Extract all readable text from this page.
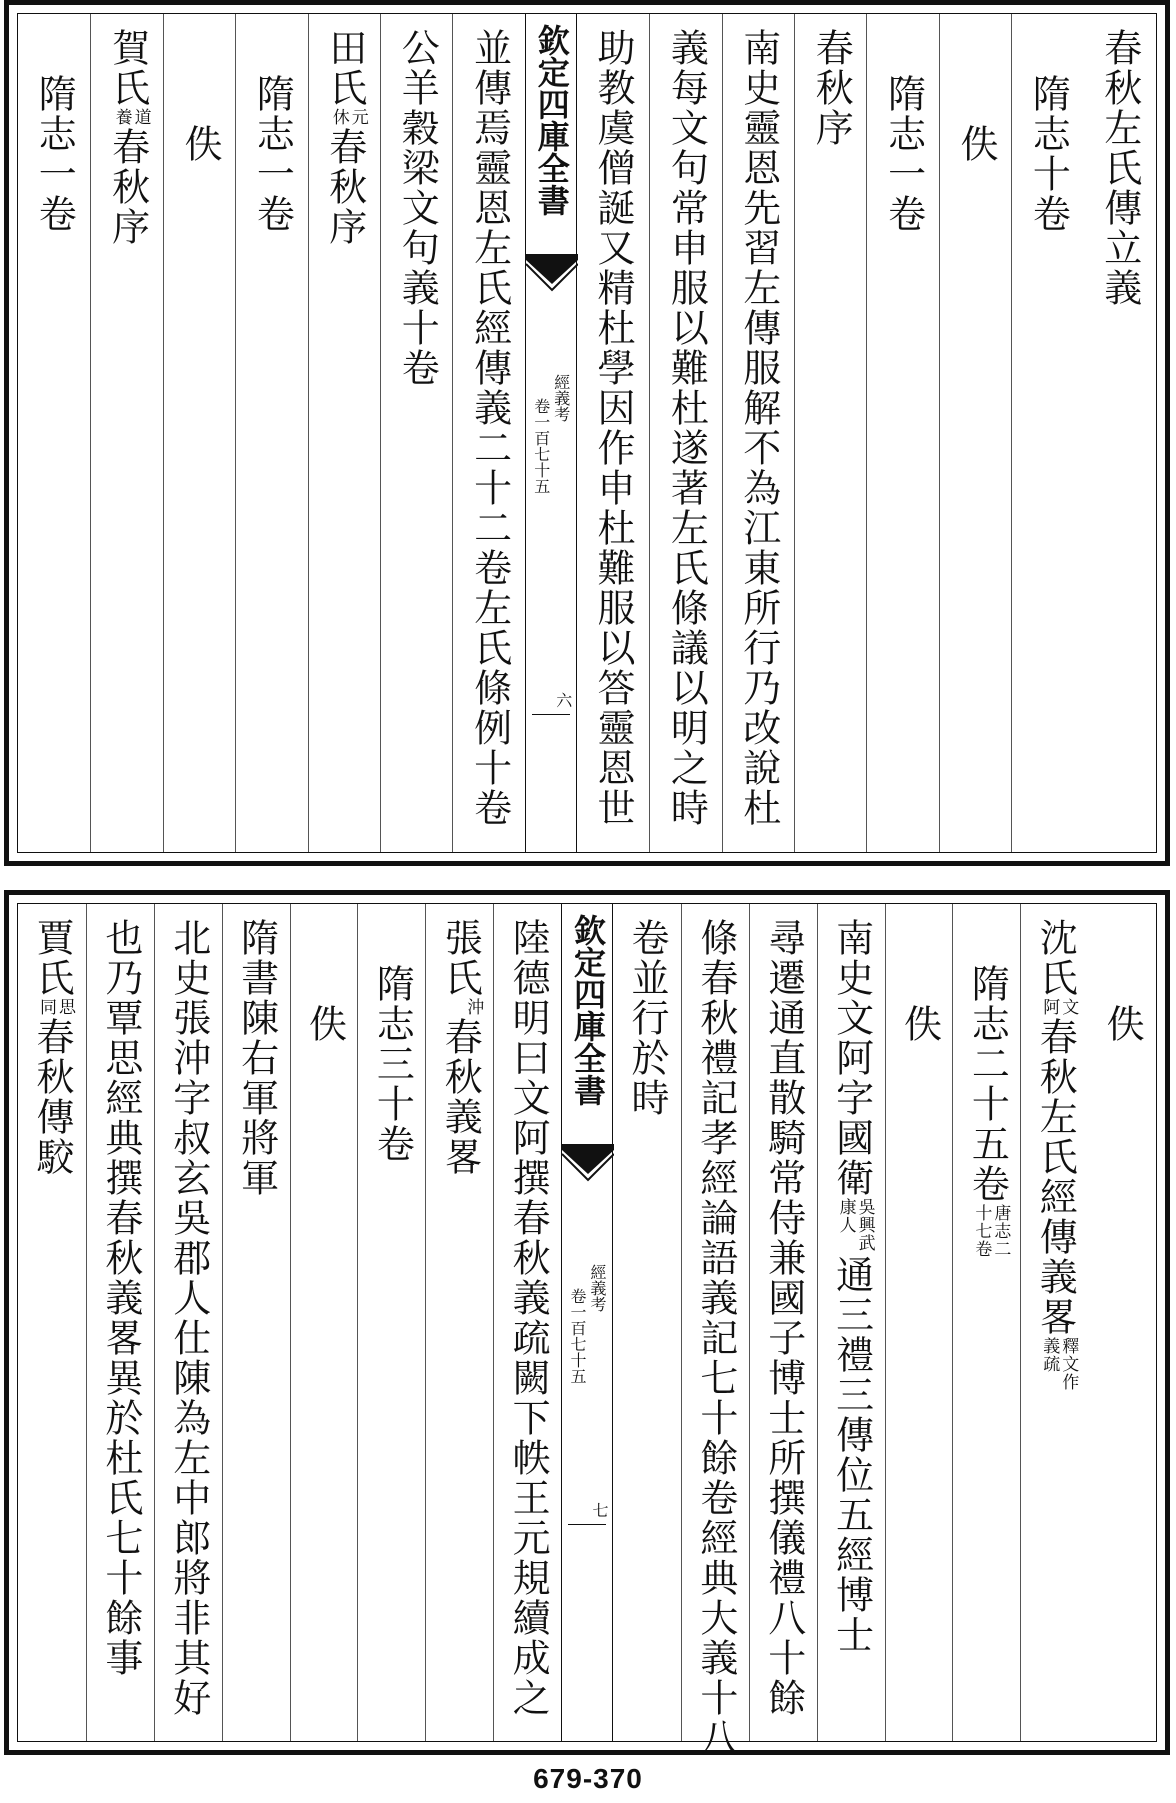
春秋左氏傳立義
隋志十卷
佚
隋志一卷
春秋序
南史靈恩先習左傳服解不為江東所行乃改說杜
義每文句常申服以難杜遂著左氏條議以明之時
助教虞僧誕又精杜學因作申杜難服以答靈恩世
並傳焉靈恩左氏經傳義二十二卷左氏條例十卷
公羊穀梁文句義十卷
田氏元休春秋序
隋志一卷
佚
賀氏道養春秋序
隋志一卷	欽定四庫全書
經義考
卷一百七十五
六
佚
沈氏文阿春秋左氏經傳義畧釋文作義疏
隋志二十五卷唐志二十七卷
佚
南史文阿字國衛吳興武康人通三禮三傳位五經博士
尋遷通直散騎常侍兼國子博士所撰儀禮八十餘
條春秋禮記孝經論語義記七十餘卷經典大義十八
卷並行於時
陸德明曰文阿撰春秋義疏闕下帙王元規續成之
張氏沖春秋義畧
隋志三十卷
佚
隋書陳右軍將軍
北史張沖字叔玄吳郡人仕陳為左中郎將非其好
也乃覃思經典撰春秋義畧異於杜氏七十餘事
賈氏思同春秋傳駮	欽定四庫全書
經義考
卷一百七十五
七
679-370
